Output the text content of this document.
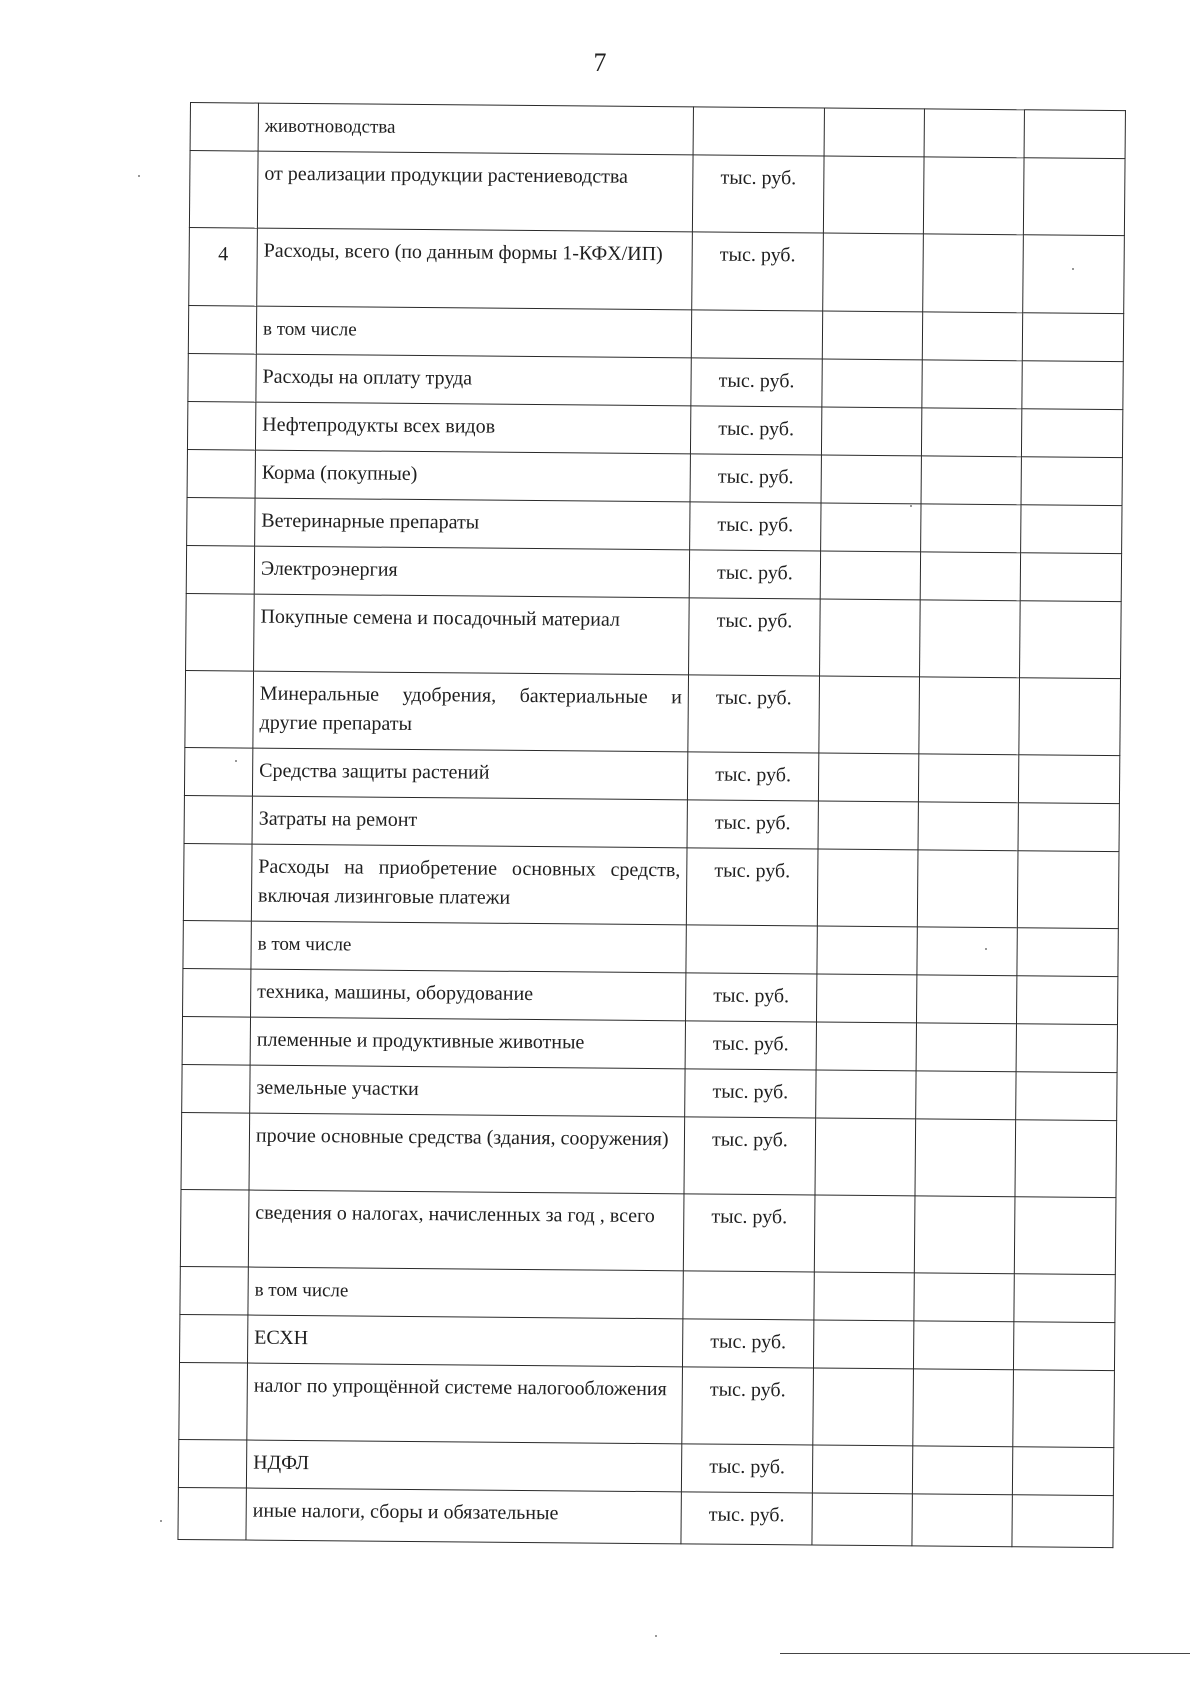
7
	животноводства				
	от реализации продукции растениеводства	тыс. руб.			
4	Расходы, всего (по данным формы 1-КФХ/ИП)	тыс. руб.			
	в том числе				
	Расходы на оплату труда	тыс. руб.			
	Нефтепродукты всех видов	тыс. руб.			
	Корма (покупные)	тыс. руб.			
	Ветеринарные препараты	тыс. руб.			
	Электроэнергия	тыс. руб.			
	Покупные семена и посадочный материал	тыс. руб.			
	Минеральные удобрения, бактериальные и другие препараты	тыс. руб.			
	Средства защиты растений	тыс. руб.			
	Затраты на ремонт	тыс. руб.			
	Расходы на приобретение основных средств, включая лизинговые платежи	тыс. руб.			
	в том числе				
	техника, машины, оборудование	тыс. руб.			
	племенные и продуктивные животные	тыс. руб.			
	земельные участки	тыс. руб.			
	прочие основные средства (здания, сооружения)	тыс. руб.			
	сведения о налогах, начисленных за год , всего	тыс. руб.			
	в том числе				
	ЕСХН	тыс. руб.			
	налог по упрощённой системе налогообложения	тыс. руб.			
	НДФЛ	тыс. руб.			
	иные налоги, сборы и обязательные	тыс. руб.			
